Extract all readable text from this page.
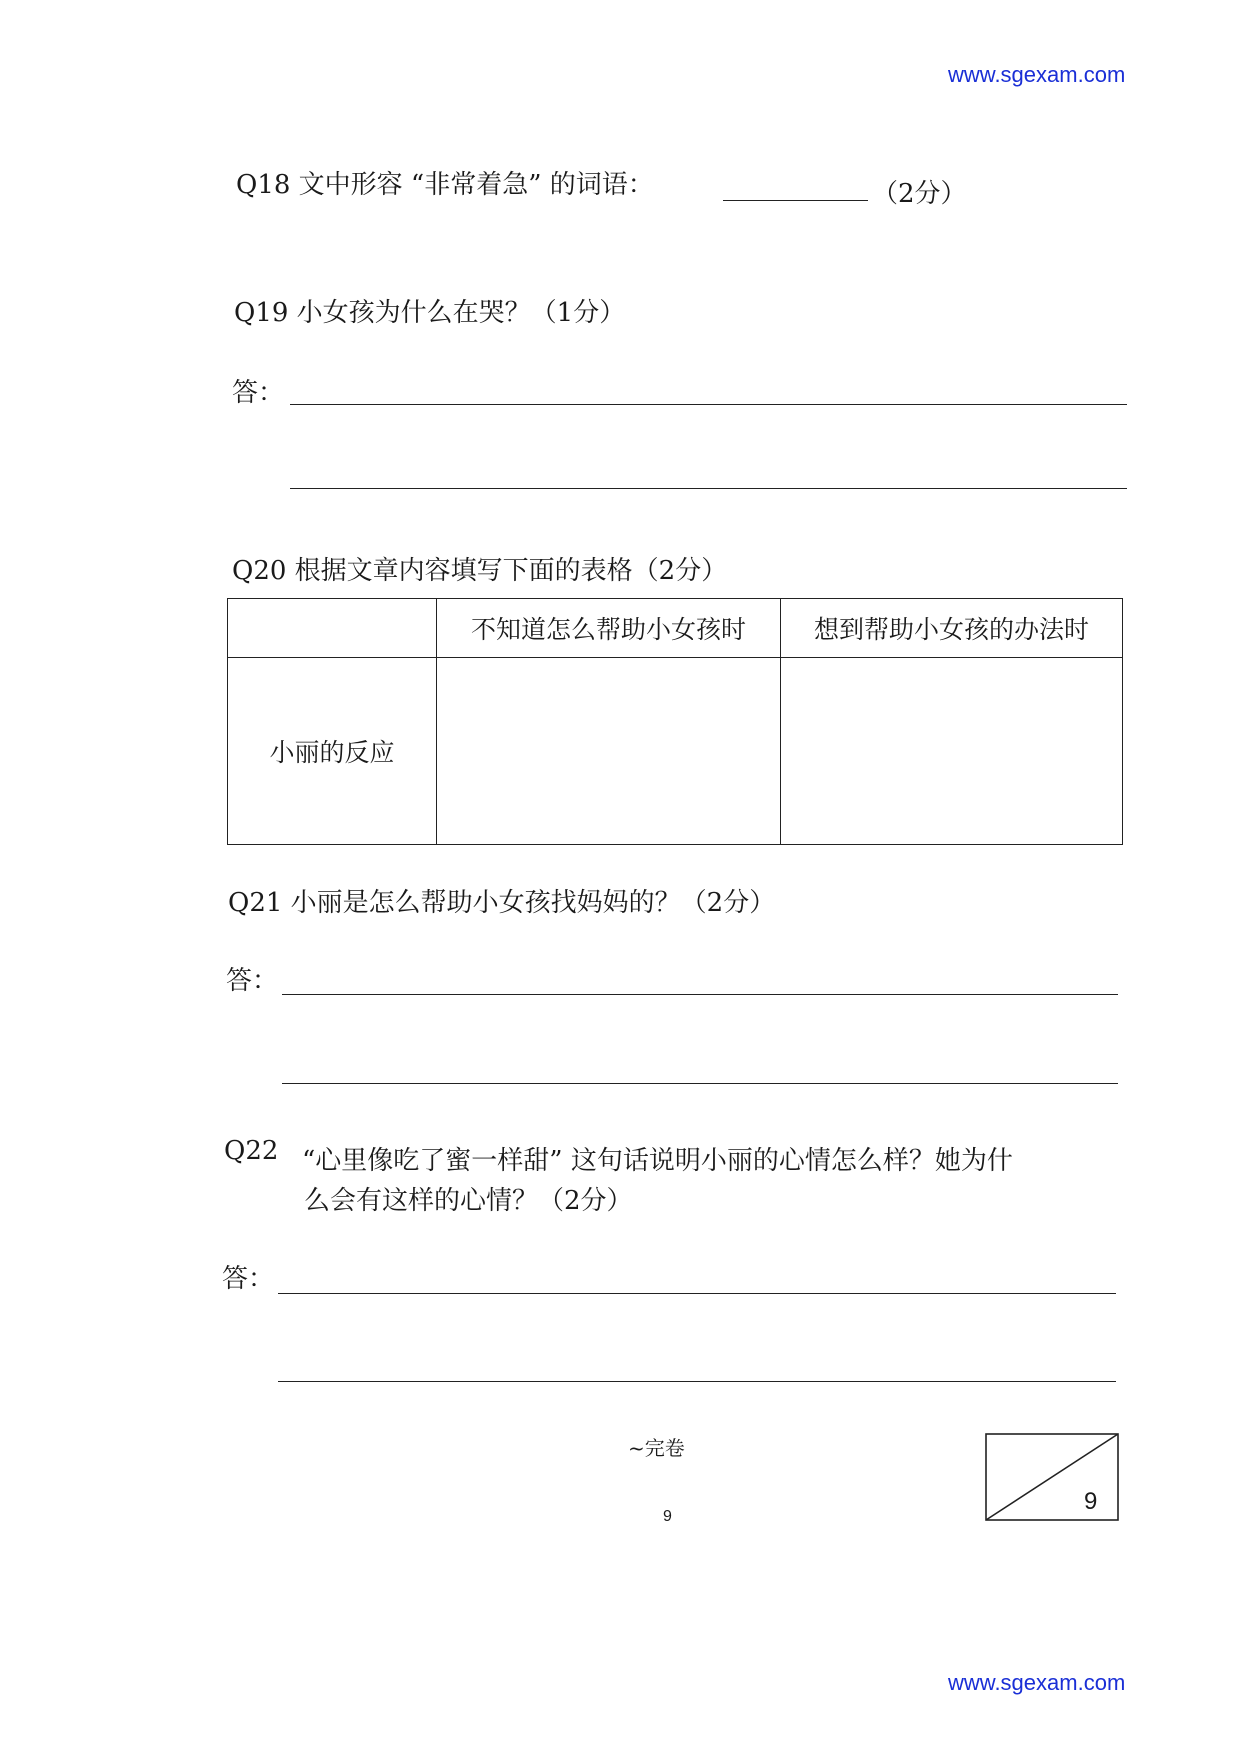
www.sgexam.com
www.sgexam.com
Q18 文中形容 “非常着急” 的词语：	（2分）
Q19 小女孩为什么在哭？（1分）
答：
Q20 根据文章内容填写下面的表格（2分）
	不知道怎么帮助小女孩时	想到帮助小女孩的办法时
小丽的反应		
Q21 小丽是怎么帮助小女孩找妈妈的？（2分）
答：
Q22 “心里像吃了蜜一样甜” 这句话说明小丽的心情怎么样？她为什
么会有这样的心情？（2分）
答：
~完卷
9
9
